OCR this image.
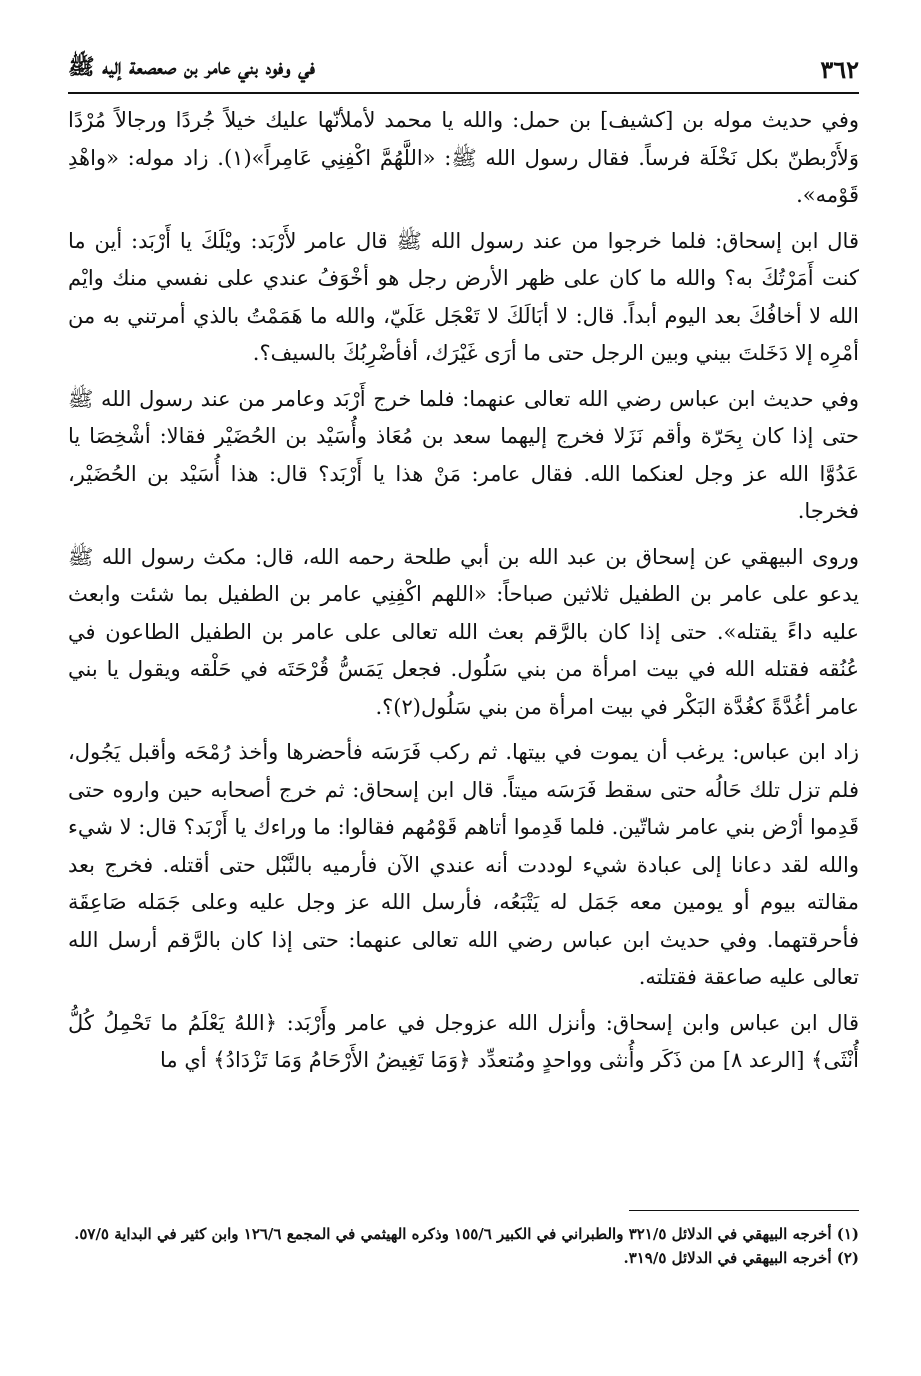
٣٦٢
في وفود بني عامر بن صعصعة إليه ﷺ

وفي حديث موله بن [كشيف] بن حمل: والله يا محمد لأملأنّها عليك خيلاً جُردًا ورجالاً مُرْدًا وَلأَرْبطنّ بكل نَخْلَة فرساً. فقال رسول الله ﷺ: «اللَّهُمَّ اكْفِنِي عَامِراً»(١). زاد موله: «واهْدِ قَوْمه».

قال ابن إسحاق: فلما خرجوا من عند رسول الله ﷺ قال عامر لأَرْبَد: ويْلَكَ يا أَرْبَد: أين ما كنت أَمَرْتُكَ به؟ والله ما كان على ظهر الأرض رجل هو أخْوَفُ عندي على نفسي منك وايْم الله لا أخافُكَ بعد اليوم أبداً. قال: لا أبَالَكَ لا تَعْجَل عَلَيّ، والله ما هَمَمْتُ بالذي أمرتني به من أمْرِه إلا دَخَلتَ بيني وبين الرجل حتى ما أرَى غَيْرَك، أفأضْرِبُكَ بالسيف؟.

وفي حديث ابن عباس رضي الله تعالى عنهما: فلما خرج أَرْبَد وعامر من عند رسول الله ﷺ حتى إذا كان بِحَرّة وأقم نَزَلا فخرج إليهما سعد بن مُعَاذ وأُسَيْد بن الحُضَيْر فقالا: أشْخِصَا يا عَدُوَّا الله عز وجل لعنكما الله. فقال عامر: مَنْ هذا يا أَرْبَد؟ قال: هذا أُسَيْد بن الحُضَيْر، فخرجا.

وروى البيهقي عن إسحاق بن عبد الله بن أبي طلحة رحمه الله، قال: مكث رسول الله ﷺ يدعو على عامر بن الطفيل ثلاثين صباحاً: «اللهم اكْفِنِي عامر بن الطفيل بما شئت وابعث عليه داءً يقتله». حتى إذا كان بالرَّقم بعث الله تعالى على عامر بن الطفيل الطاعون في عُنُقه فقتله الله في بيت امرأة من بني سَلُول. فجعل يَمَسُّ قُرْحَتَه في حَلْقه ويقول يا بني عامر أغُدَّةً كغُدَّة البَكْر في بيت امرأة من بني سَلُول(٢)؟.

زاد ابن عباس: يرغب أن يموت في بيتها. ثم ركب فَرَسَه فأحضرها وأخذ رُمْحَه وأقبل يَجُول، فلم تزل تلك حَالُه حتى سقط فَرَسَه ميتاً. قال ابن إسحاق: ثم خرج أصحابه حين واروه حتى قَدِموا أرْض بني عامر شاتّين. فلما قَدِموا أتاهم قَوْمُهم فقالوا: ما وراءك يا أَرْبَد؟ قال: لا شيء والله لقد دعانا إلى عبادة شيء لوددت أنه عندي الآن فأرميه بالنَّبْل حتى أقتله. فخرج بعد مقالته بيوم أو يومين معه جَمَل له يَتْبَعُه، فأرسل الله عز وجل عليه وعلى جَمَله صَاعِقَة فأحرقتهما. وفي حديث ابن عباس رضي الله تعالى عنهما: حتى إذا كان بالرَّقم أرسل الله تعالى عليه صاعقة فقتلته.

قال ابن عباس وابن إسحاق: وأنزل الله عزوجل في عامر وأَرْبَد: ﴿اللهُ يَعْلَمُ ما تَحْمِلُ كُلُّ أُنْثَى﴾ [الرعد ٨] من ذَكَر وأُنثى وواحدٍ ومُتعدِّد ﴿وَمَا تَغِيضُ الأَرْحَامُ وَمَا تَزْدَادُ﴾ أي ما

(١) أخرجه البيهقي في الدلائل ٣٢١/٥ والطبراني في الكبير ١٥٥/٦ وذكره الهيثمي في المجمع ١٢٦/٦ وابن كثير في البداية ٥٧/٥.

(٢) أخرجه البيهقي في الدلائل ٣١٩/٥.
